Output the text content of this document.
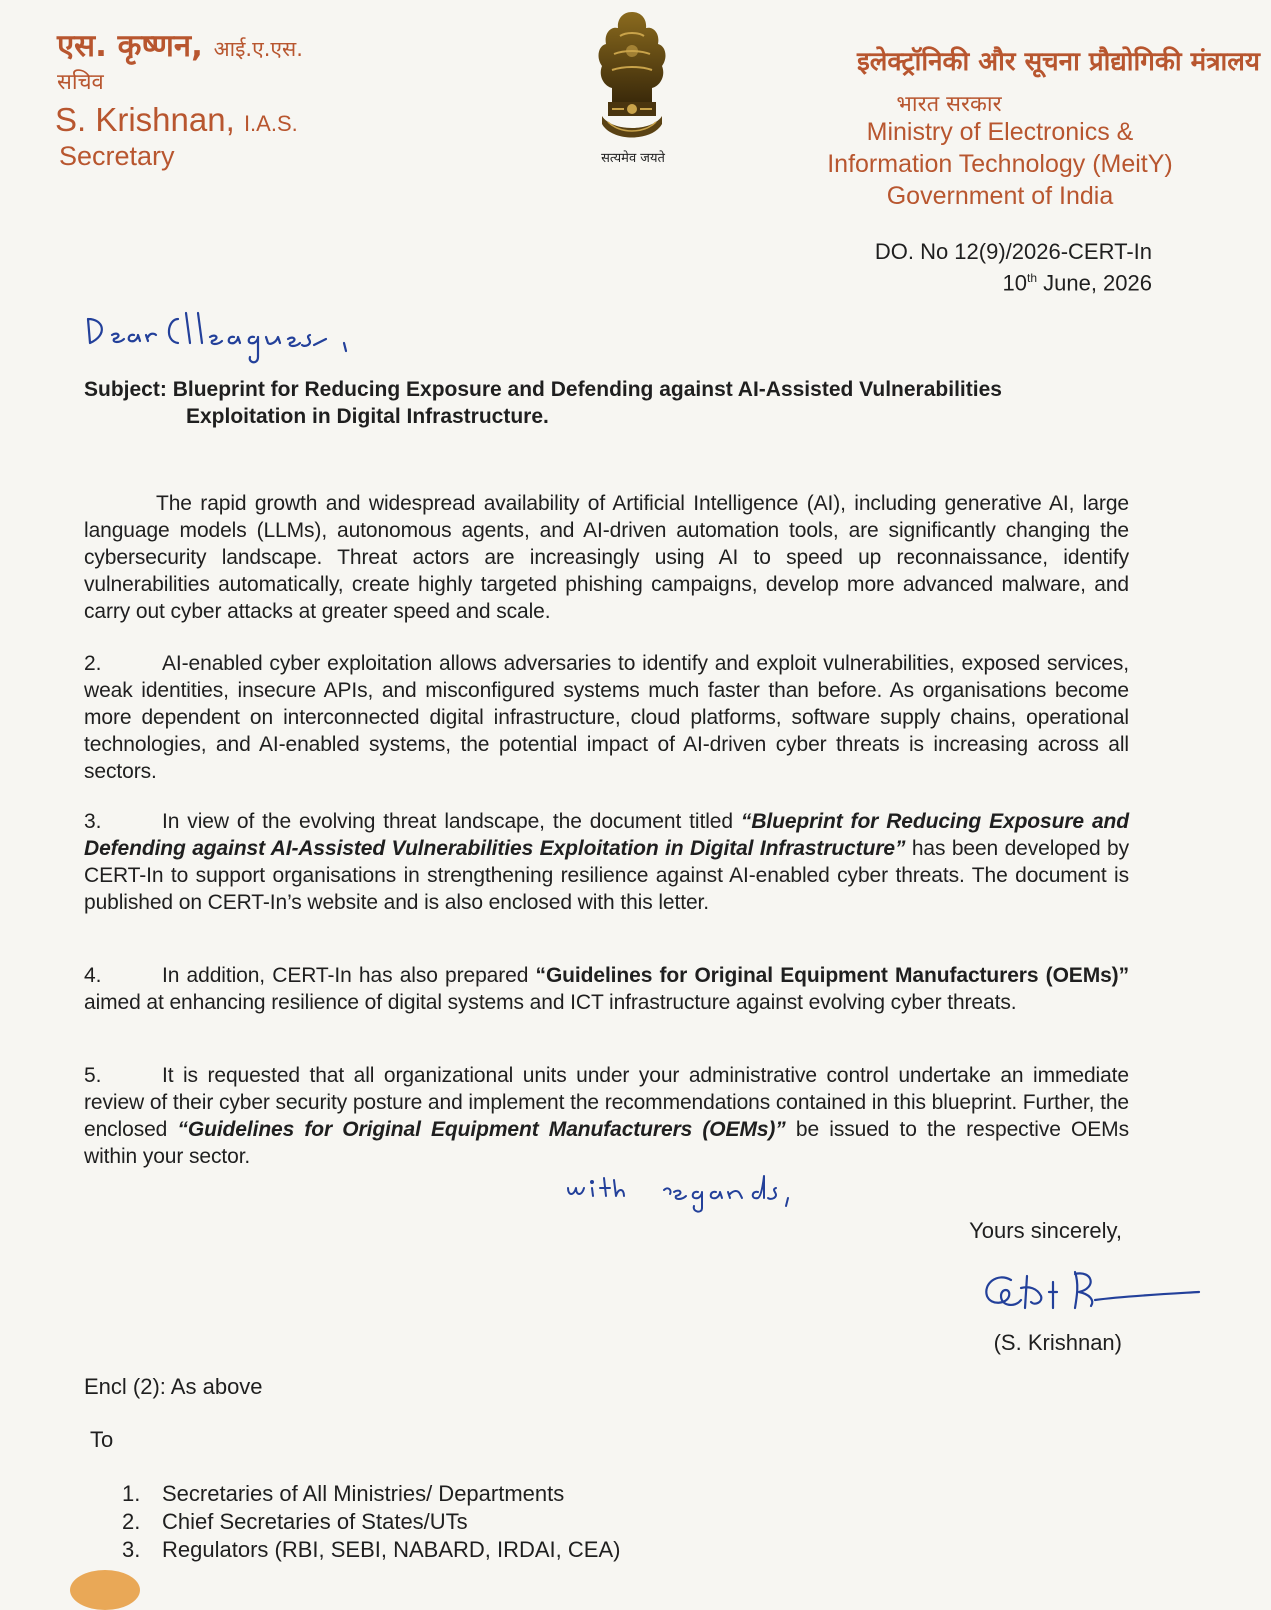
एस. कृष्णन, आई.ए.एस.
सचिव
S. Krishnan, I.A.S.
Secretary	सत्यमेव जयते
इलेक्ट्रॉनिकी और सूचना प्रौद्योगिकी मंत्रालय
भारत सरकार
Ministry of Electronics &
Information Technology (MeitY)
Government of India
DO. No 12(9)/2026-CERT-In
10th June, 2026
Subject: Blueprint for Reducing Exposure and Defending against AI-Assisted Vulnerabilities
Exploitation in Digital Infrastructure.
The rapid growth and widespread availability of Artificial Intelligence (AI), including generative AI, large language models (LLMs), autonomous agents, and AI-driven automation tools, are significantly changing the cybersecurity landscape. Threat actors are increasingly using AI to speed up reconnaissance, identify vulnerabilities automatically, create highly targeted phishing campaigns, develop more advanced malware, and carry out cyber attacks at greater speed and scale.
2.	AI-enabled cyber exploitation allows adversaries to identify and exploit vulnerabilities, exposed services, weak identities, insecure APIs, and misconfigured systems much faster than before. As organisations become more dependent on interconnected digital infrastructure, cloud platforms, software supply chains, operational technologies, and AI-enabled systems, the potential impact of AI-driven cyber threats is increasing across all sectors.
3.	In view of the evolving threat landscape, the document titled “Blueprint for Reducing Exposure and Defending against AI-Assisted Vulnerabilities Exploitation in Digital Infrastructure” has been developed by CERT-In to support organisations in strengthening resilience against AI-enabled cyber threats. The document is published on CERT-In’s website and is also enclosed with this letter.
4.	In addition, CERT-In has also prepared “Guidelines for Original Equipment Manufacturers (OEMs)” aimed at enhancing resilience of digital systems and ICT infrastructure against evolving cyber threats.
5.	It is requested that all organizational units under your administrative control undertake an immediate review of their cyber security posture and implement the recommendations contained in this blueprint. Further, the enclosed “Guidelines for Original Equipment Manufacturers (OEMs)” be issued to the respective OEMs within your sector.
Yours sincerely,
(S. Krishnan)
Encl (2): As above
To
1. Secretaries of All Ministries/ Departments
2. Chief Secretaries of States/UTs
3. Regulators (RBI, SEBI, NABARD, IRDAI, CEA)
